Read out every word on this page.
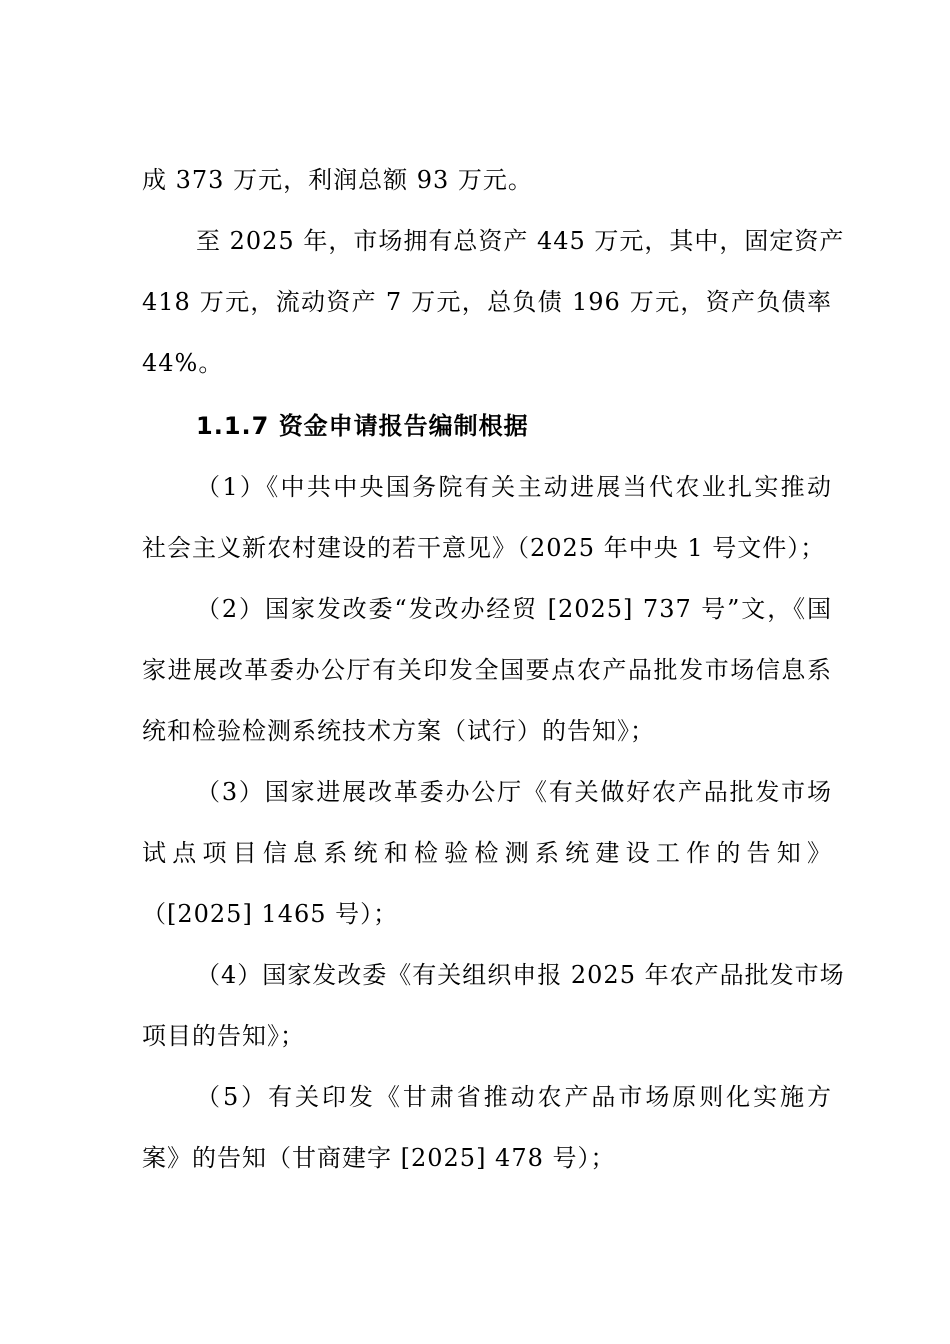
成 373 万元，利润总额 93 万元。

至 2025 年，市场拥有总资产 445 万元，其中，固定资产

418 万元，流动资产 7 万元，总负债 196 万元，资产负债率

44%。

1.1.7 资金申请报告编制根据

（1）《中共中央国务院有关主动进展当代农业扎实推动

社会主义新农村建设的若干意见》（2025 年中央 1 号文件）；

（2）国家发改委“发改办经贸 [2025] 737 号”文，《国

家进展改革委办公厅有关印发全国要点农产品批发市场信息系

统和检验检测系统技术方案（试行）的告知》；

（3）国家进展改革委办公厅《有关做好农产品批发市场

试点项目信息系统和检验检测系统建设工作的告知》

（[2025] 1465 号）；

（4）国家发改委《有关组织申报 2025 年农产品批发市场

项目的告知》；

（5）有关印发《甘肃省推动农产品市场原则化实施方

案》的告知（甘商建字 [2025] 478 号）；
